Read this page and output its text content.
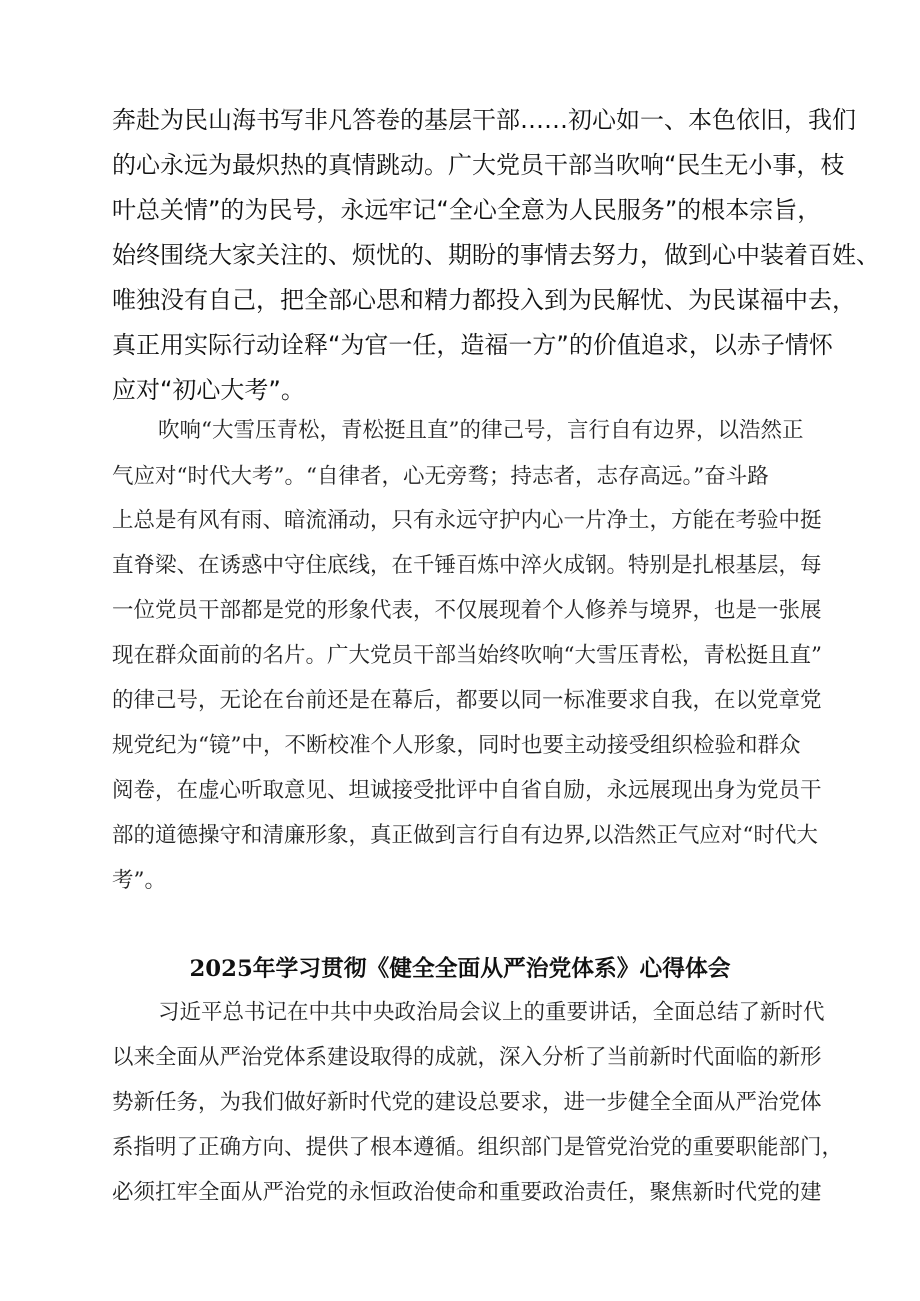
奔赴为民山海书写非凡答卷的基层干部……初心如一、本色依旧，我们
的心永远为最炽热的真情跳动。广大党员干部当吹响“民生无小事，枝
叶总关情”的为民号，永远牢记“全心全意为人民服务”的根本宗旨，
始终围绕大家关注的、烦忧的、期盼的事情去努力，做到心中装着百姓、
唯独没有自己，把全部心思和精力都投入到为民解忧、为民谋福中去，
真正用实际行动诠释“为官一任，造福一方”的价值追求，以赤子情怀
应对“初心大考”。
吹响“大雪压青松，青松挺且直”的律己号，言行自有边界，以浩然正
气应对“时代大考”。“自律者，心无旁骛；持志者，志存高远。”奋斗路
上总是有风有雨、暗流涌动，只有永远守护内心一片净土，方能在考验中挺
直脊梁、在诱惑中守住底线，在千锤百炼中淬火成钢。特别是扎根基层，每
一位党员干部都是党的形象代表，不仅展现着个人修养与境界，也是一张展
现在群众面前的名片。广大党员干部当始终吹响“大雪压青松，青松挺且直”
的律己号，无论在台前还是在幕后，都要以同一标准要求自我，在以党章党
规党纪为“镜”中，不断校准个人形象，同时也要主动接受组织检验和群众
阅卷，在虚心听取意见、坦诚接受批评中自省自励，永远展现出身为党员干
部的道德操守和清廉形象，真正做到言行自有边界,以浩然正气应对“时代大
考”。
2025年学习贯彻《健全全面从严治党体系》心得体会
习近平总书记在中共中央政治局会议上的重要讲话，全面总结了新时代
以来全面从严治党体系建设取得的成就，深入分析了当前新时代面临的新形
势新任务，为我们做好新时代党的建设总要求，进一步健全全面从严治党体
系指明了正确方向、提供了根本遵循。组织部门是管党治党的重要职能部门，
必须扛牢全面从严治党的永恒政治使命和重要政治责任，聚焦新时代党的建
